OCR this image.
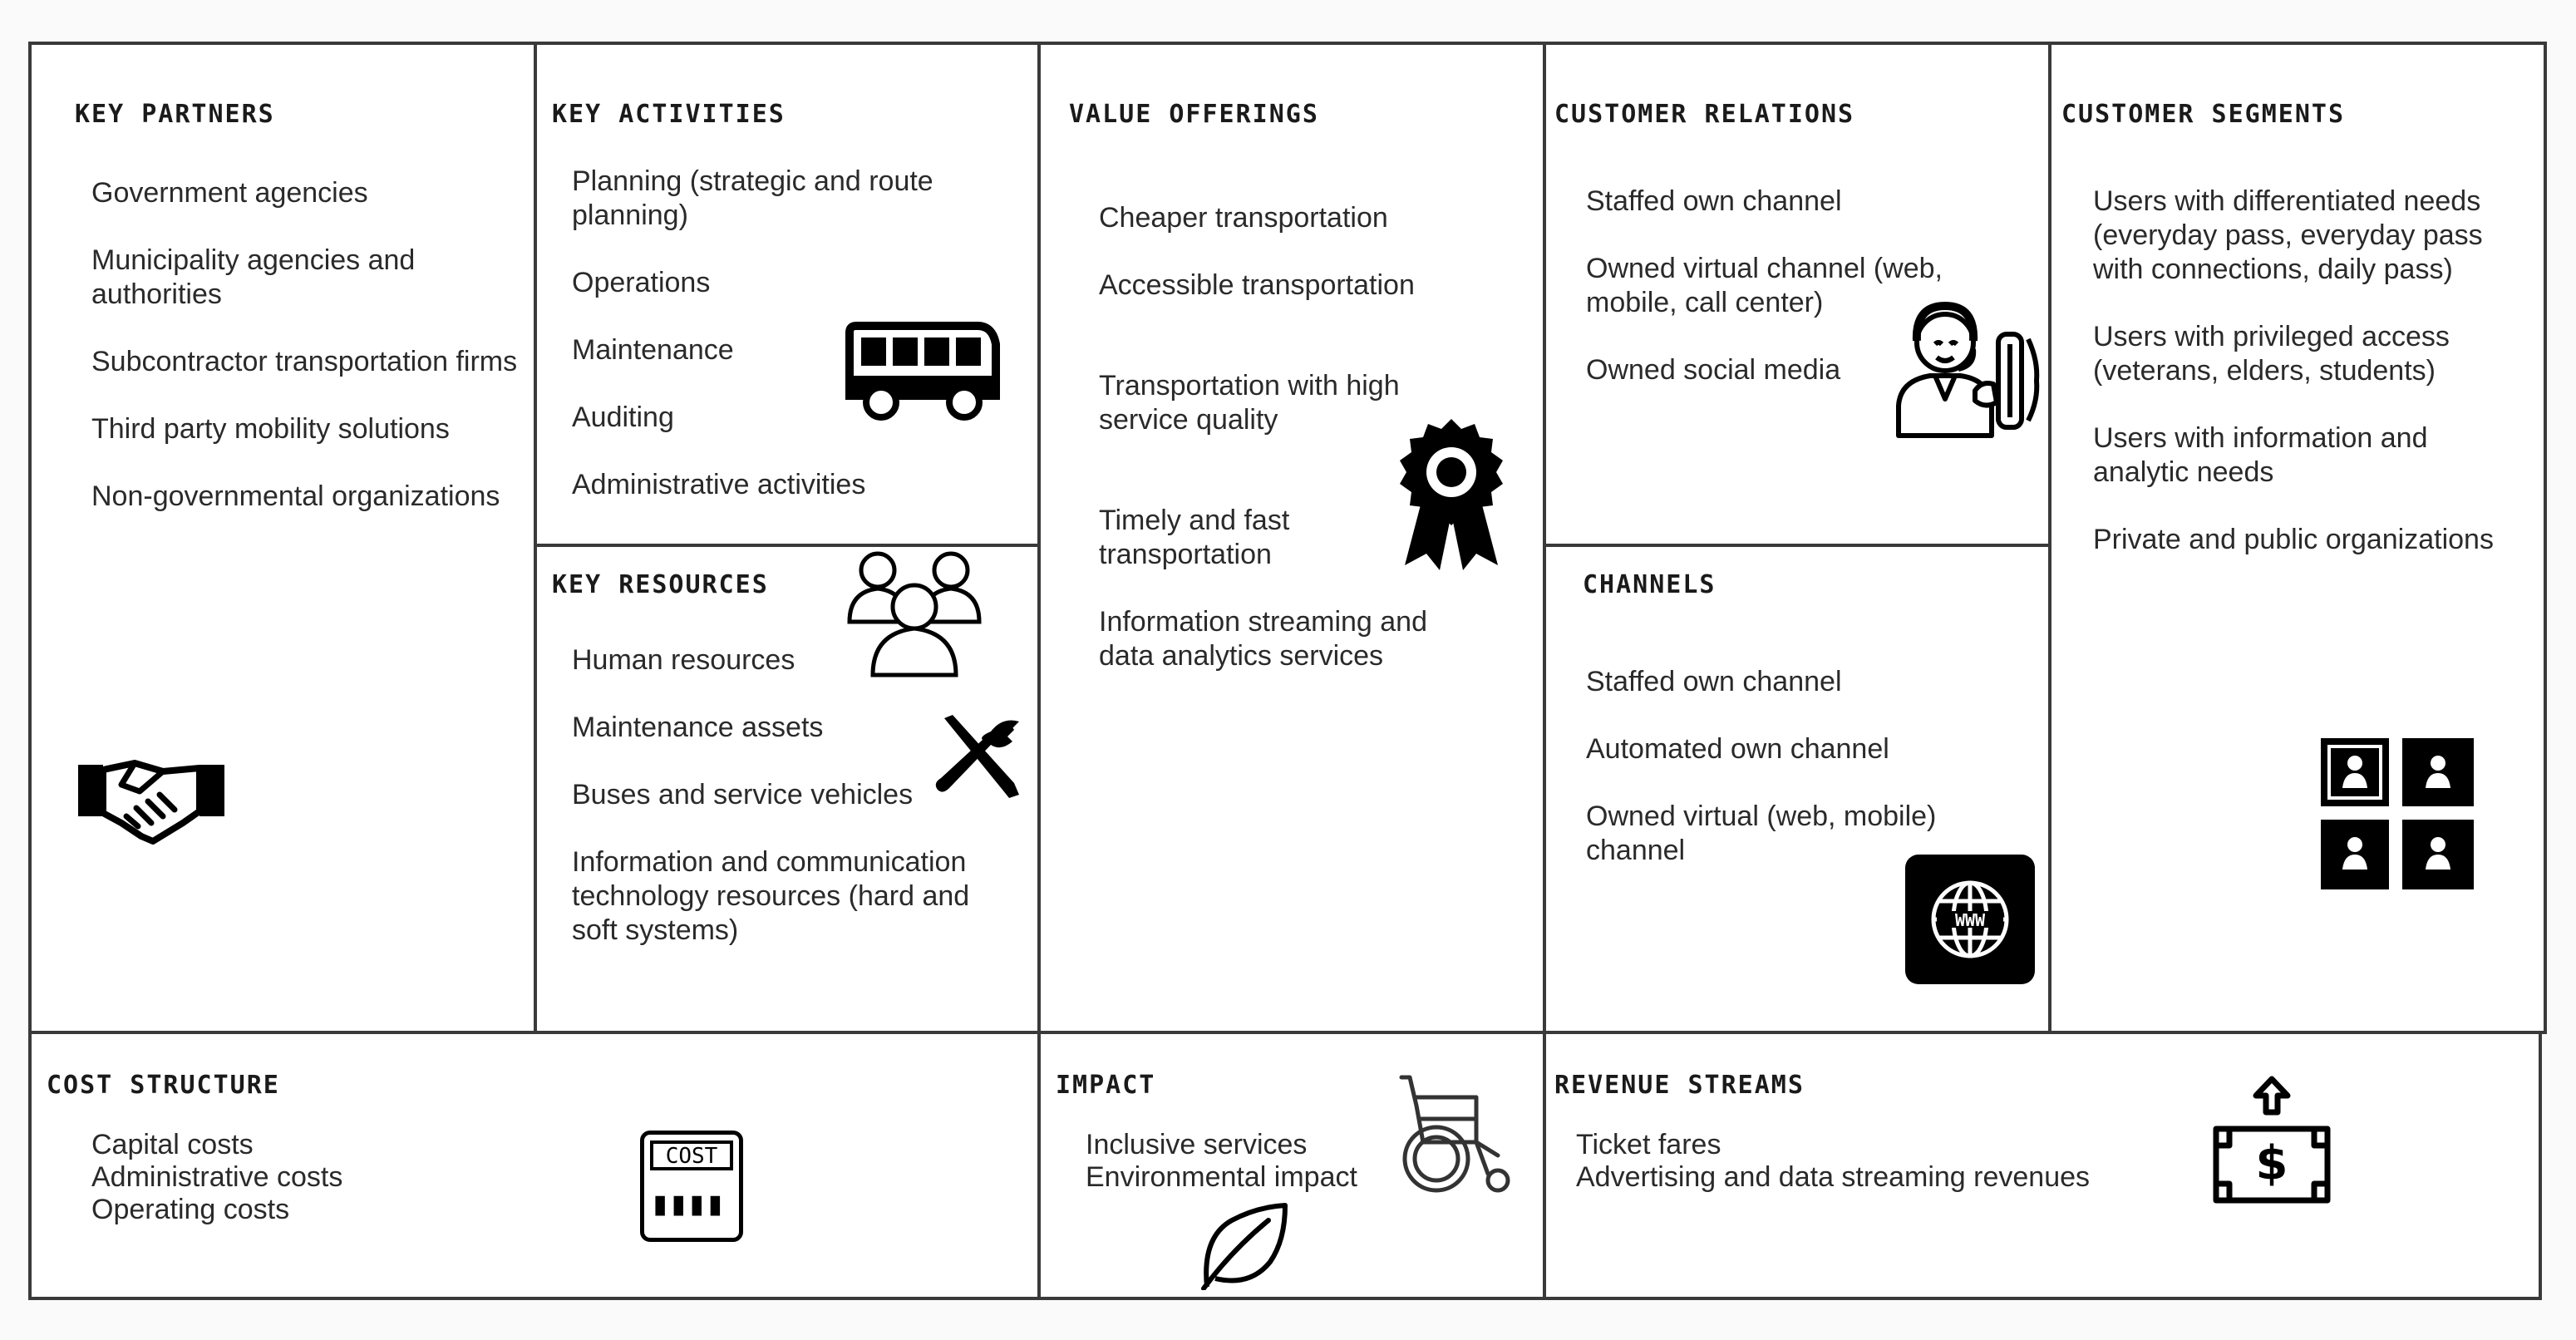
KEY PARTNERS
Government agencies
Municipality agencies and authorities
Subcontractor transportation firms
Third party mobility solutions
Non-governmental organizations
KEY ACTIVITIES
Planning (strategic and route planning)
Operations
Maintenance
Auditing
Administrative activities
KEY RESOURCES
Human resources
Maintenance assets
Buses and service vehicles
Information and communication technology resources (hard and soft systems)
VALUE OFFERINGS
Cheaper transportation
Accessible transportation
Transportation with high service quality
Timely and fast transportation
Information streaming and data analytics services
CUSTOMER RELATIONS
Staffed own channel
Owned virtual channel (web, mobile, call center)
Owned social media
CHANNELS
Staffed own channel
Automated own channel
Owned virtual (web, mobile) channel
WWW
CUSTOMER SEGMENTS
Users with differentiated needs (everyday pass, everyday pass with connections, daily pass)
Users with privileged access (veterans, elders, students)
Users with information and analytic needs
Private and public organizations
COST STRUCTURE
Capital costs
Administrative costs
Operating costs
COST
▮▮▮▮
IMPACT
Inclusive services
Environmental impact
REVENUE STREAMS
Ticket fares
Advertising and data streaming revenues	$
